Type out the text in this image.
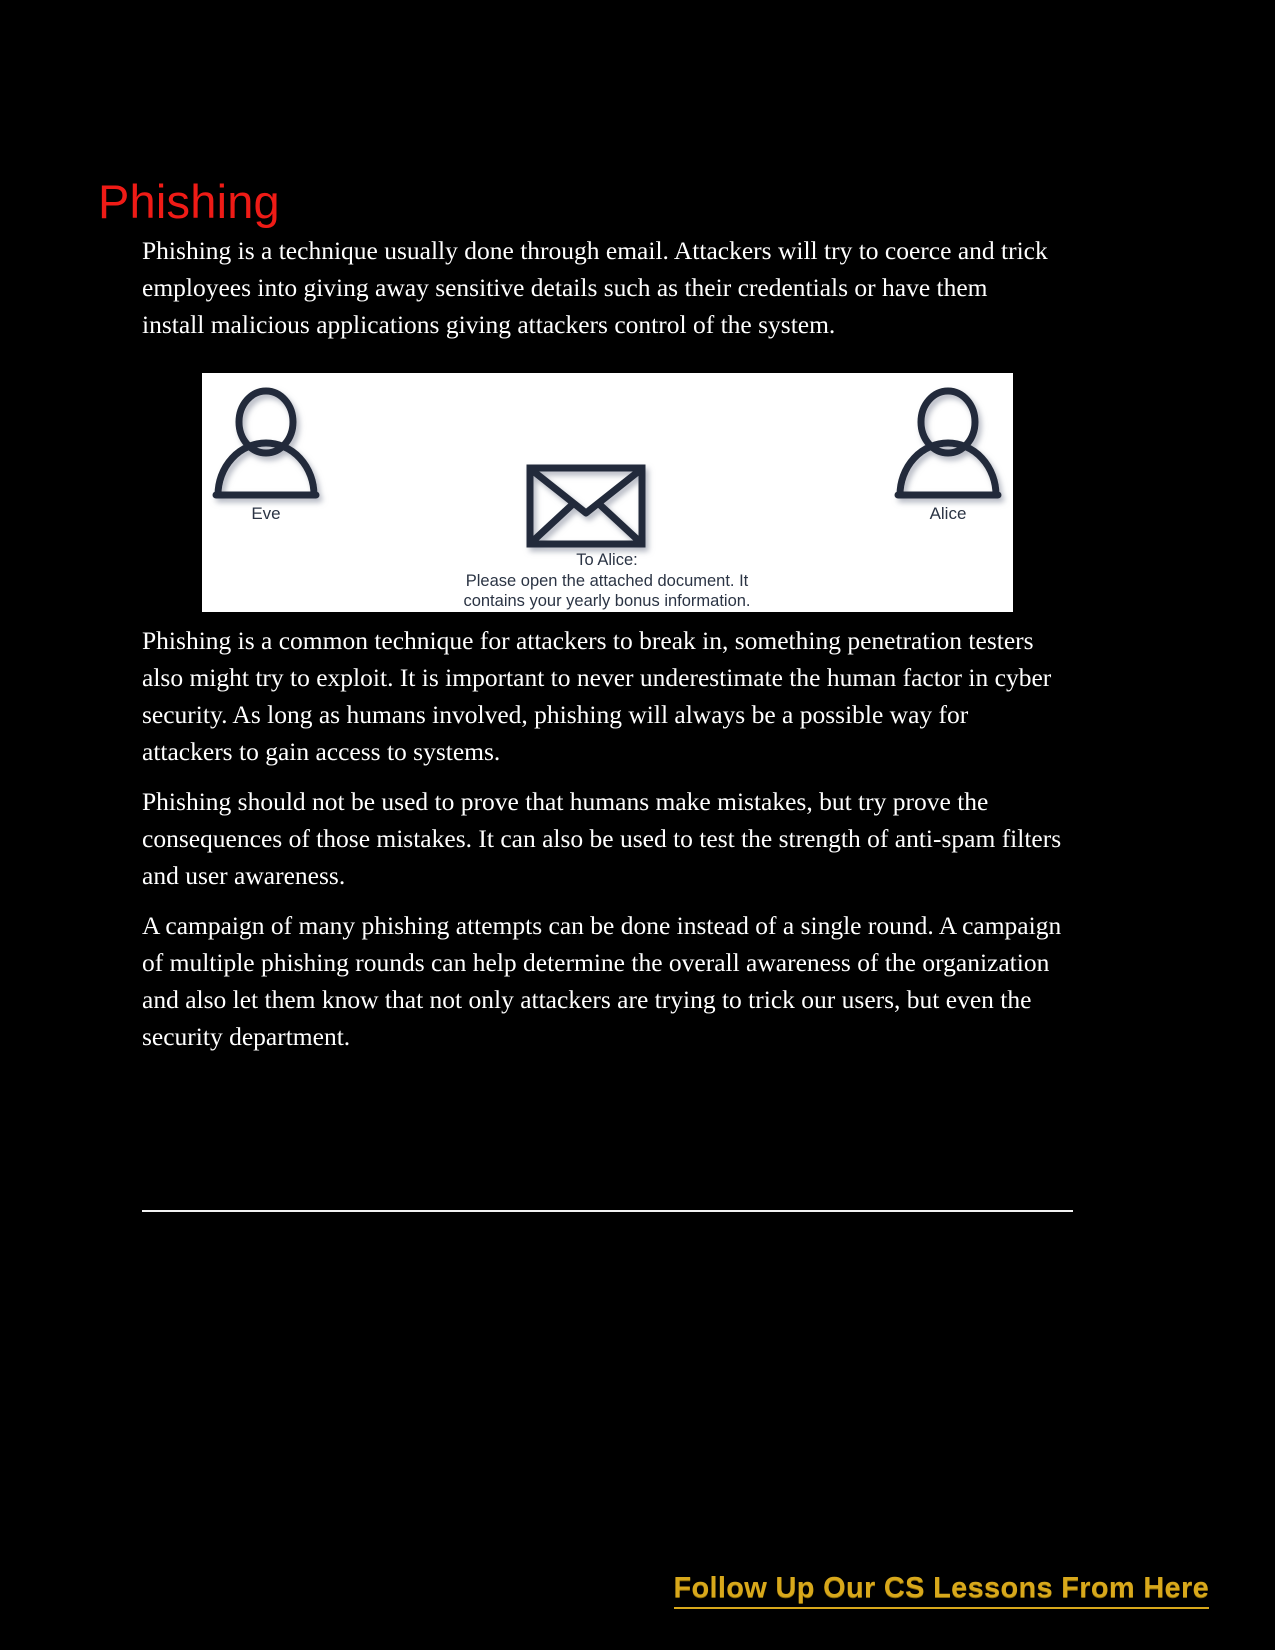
Phishing

Phishing is a technique usually done through email. Attackers will try to coerce and trick employees into giving away sensitive details such as their credentials or have them install malicious applications giving attackers control of the system.

Phishing is a common technique for attackers to break in, something penetration testers also might try to exploit. It is important to never underestimate the human factor in cyber security. As long as humans involved, phishing will always be a possible way for attackers to gain access to systems.

Phishing should not be used to prove that humans make mistakes, but try prove the consequences of those mistakes. It can also be used to test the strength of anti-spam filters and user awareness.

A campaign of many phishing attempts can be done instead of a single round. A campaign of multiple phishing rounds can help determine the overall awareness of the organization and also let them know that not only attackers are trying to trick our users, but even the security department.

Eve	Alice
To Alice:
Please open the attached document. It
contains your yearly bonus information.
Follow Up Our CS Lessons From Here
